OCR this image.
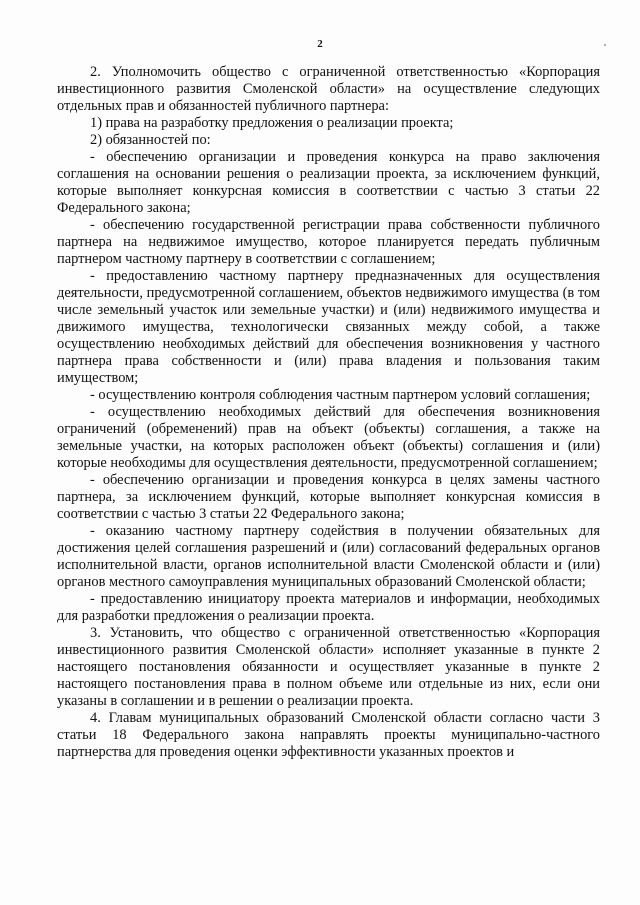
2

2. Уполномочить общество с ограниченной ответственностью «Корпорация инвестиционного развития Смоленской области» на осуществление следующих отдельных прав и обязанностей публичного партнера:

1) права на разработку предложения о реализации проекта;

2) обязанностей по:

- обеспечению организации и проведения конкурса на право заключения соглашения на основании решения о реализации проекта, за исключением функций, которые выполняет конкурсная комиссия в соответствии с частью 3 статьи 22 Федерального закона;

- обеспечению государственной регистрации права собственности публичного партнера на недвижимое имущество, которое планируется передать публичным партнером частному партнеру в соответствии с соглашением;

- предоставлению частному партнеру предназначенных для осуществления деятельности, предусмотренной соглашением, объектов недвижимого имущества (в том числе земельный участок или земельные участки) и (или) недвижимого имущества и движимого имущества, технологически связанных между собой, а также осуществлению необходимых действий для обеспечения возникновения у частного партнера права собственности и (или) права владения и пользования таким имуществом;

- осуществлению контроля соблюдения частным партнером условий соглашения;

- осуществлению необходимых действий для обеспечения возникновения ограничений (обременений) прав на объект (объекты) соглашения, а также на земельные участки, на которых расположен объект (объекты) соглашения и (или) которые необходимы для осуществления деятельности, предусмотренной соглашением;

- обеспечению организации и проведения конкурса в целях замены частного партнера, за исключением функций, которые выполняет конкурсная комиссия в соответствии с частью 3 статьи 22 Федерального закона;

- оказанию частному партнеру содействия в получении обязательных для достижения целей соглашения разрешений и (или) согласований федеральных органов исполнительной власти, органов исполнительной власти Смоленской области и (или) органов местного самоуправления муниципальных образований Смоленской области;

- предоставлению инициатору проекта материалов и информации, необходимых для разработки предложения о реализации проекта.

3. Установить, что общество с ограниченной ответственностью «Корпорация инвестиционного развития Смоленской области» исполняет указанные в пункте 2 настоящего постановления обязанности и осуществляет указанные в пункте 2 настоящего постановления права в полном объеме или отдельные из них, если они указаны в соглашении и в решении о реализации проекта.

4. Главам муниципальных образований Смоленской области согласно части 3 статьи 18 Федерального закона направлять проекты муниципально-частного партнерства для проведения оценки эффективности указанных проектов и
